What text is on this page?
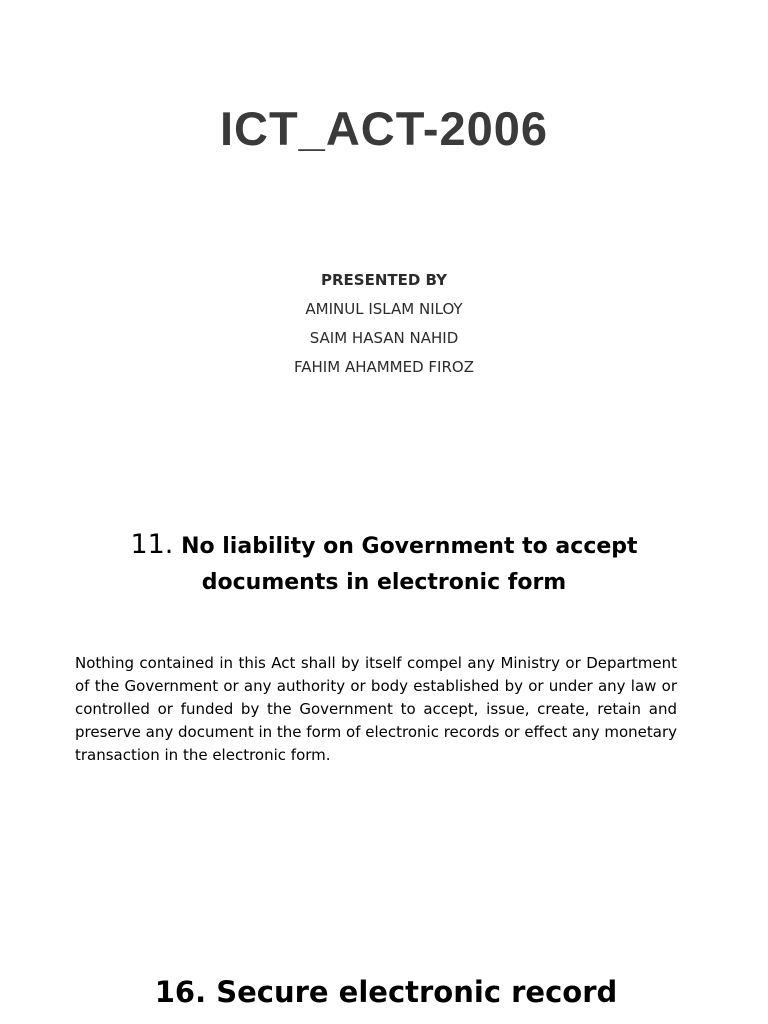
ICT_ACT-2006
PRESENTED BY
AMINUL ISLAM NILOY
SAIM HASAN NAHID
FAHIM AHAMMED FIROZ
11. No liability on Government to accept documents in electronic form
Nothing contained in this Act shall by itself compel any Ministry or Department of the Government or any authority or body established by or under any law or controlled or funded by the Government to accept, issue, create, retain and preserve any document in the form of electronic records or effect any monetary transaction in the electronic form.
16. Secure electronic record
